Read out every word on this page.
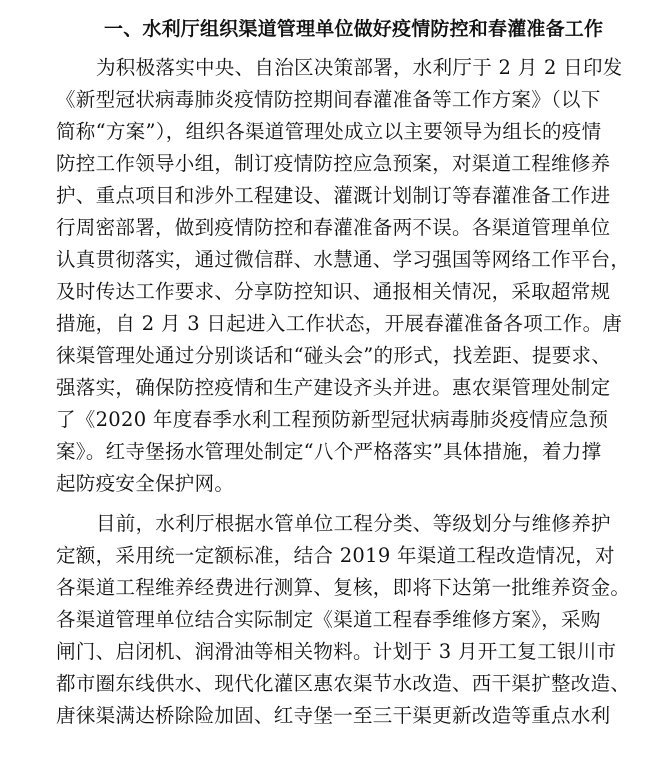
一、水利厅组织渠道管理单位做好疫情防控和春灌准备工作
为积极落实中央、自治区决策部署，水利厅于 2 月 2 日印发
《新型冠状病毒肺炎疫情防控期间春灌准备等工作方案》（以下
简称“方案”），组织各渠道管理处成立以主要领导为组长的疫情
防控工作领导小组，制订疫情防控应急预案，对渠道工程维修养
护、重点项目和涉外工程建设、灌溉计划制订等春灌准备工作进
行周密部署，做到疫情防控和春灌准备两不误。各渠道管理单位
认真贯彻落实，通过微信群、水慧通、学习强国等网络工作平台，
及时传达工作要求、分享防控知识、通报相关情况，采取超常规
措施，自 2 月 3 日起进入工作状态，开展春灌准备各项工作。唐
徕渠管理处通过分别谈话和“碰头会”的形式，找差距、提要求、
强落实，确保防控疫情和生产建设齐头并进。惠农渠管理处制定
了《2020 年度春季水利工程预防新型冠状病毒肺炎疫情应急预
案》。红寺堡扬水管理处制定“八个严格落实”具体措施，着力撑
起防疫安全保护网。
目前，水利厅根据水管单位工程分类、等级划分与维修养护
定额，采用统一定额标准，结合 2019 年渠道工程改造情况，对
各渠道工程维养经费进行测算、复核，即将下达第一批维养资金。
各渠道管理单位结合实际制定《渠道工程春季维修方案》，采购
闸门、启闭机、润滑油等相关物料。计划于 3 月开工复工银川市
都市圈东线供水、现代化灌区惠农渠节水改造、西干渠扩整改造、
唐徕渠满达桥除险加固、红寺堡一至三干渠更新改造等重点水利
